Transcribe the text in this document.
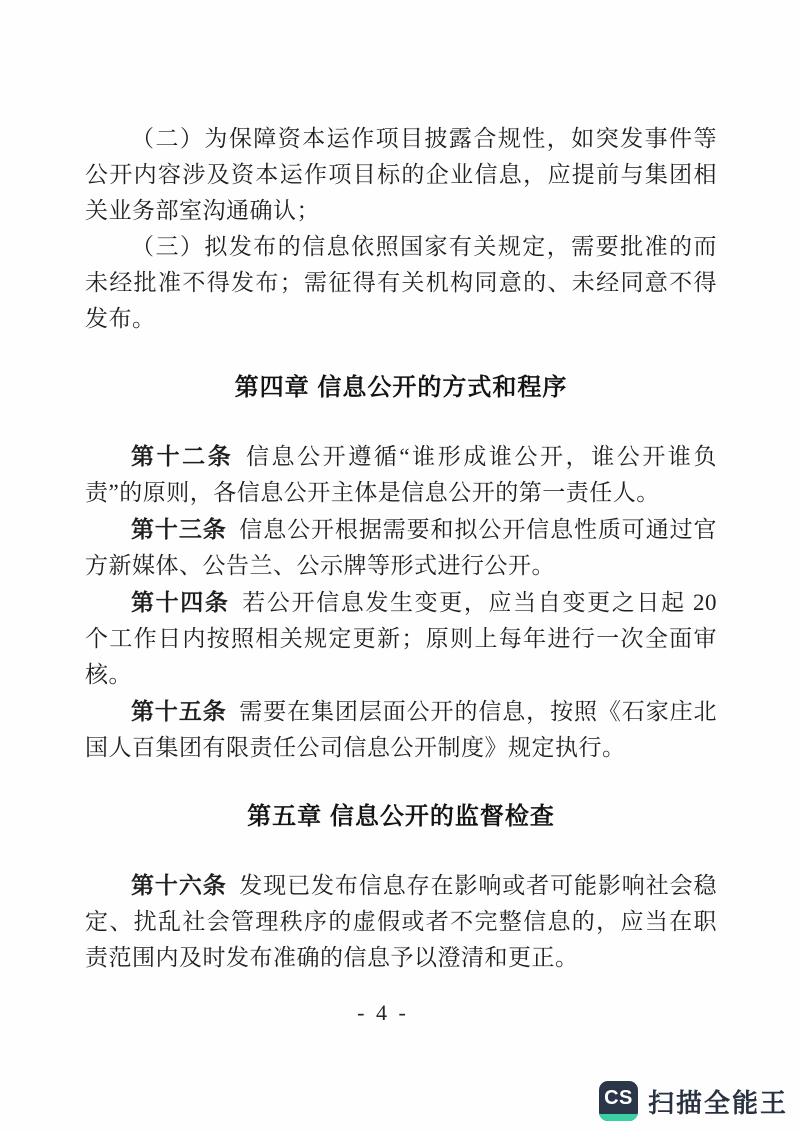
（二）为保障资本运作项目披露合规性，如突发事件等公开内容涉及资本运作项目标的企业信息，应提前与集团相关业务部室沟通确认；

（三）拟发布的信息依照国家有关规定，需要批准的而未经批准不得发布；需征得有关机构同意的、未经同意不得发布。

第四章 信息公开的方式和程序

第十二条 信息公开遵循“谁形成谁公开，谁公开谁负责”的原则，各信息公开主体是信息公开的第一责任人。

第十三条 信息公开根据需要和拟公开信息性质可通过官方新媒体、公告兰、公示牌等形式进行公开。

第十四条 若公开信息发生变更，应当自变更之日起 20 个工作日内按照相关规定更新；原则上每年进行一次全面审核。

第十五条 需要在集团层面公开的信息，按照《石家庄北国人百集团有限责任公司信息公开制度》规定执行。

第五章 信息公开的监督检查

第十六条 发现已发布信息存在影响或者可能影响社会稳定、扰乱社会管理秩序的虚假或者不完整信息的，应当在职责范围内及时发布准确的信息予以澄清和更正。

- 4 -
CS 扫描全能王
